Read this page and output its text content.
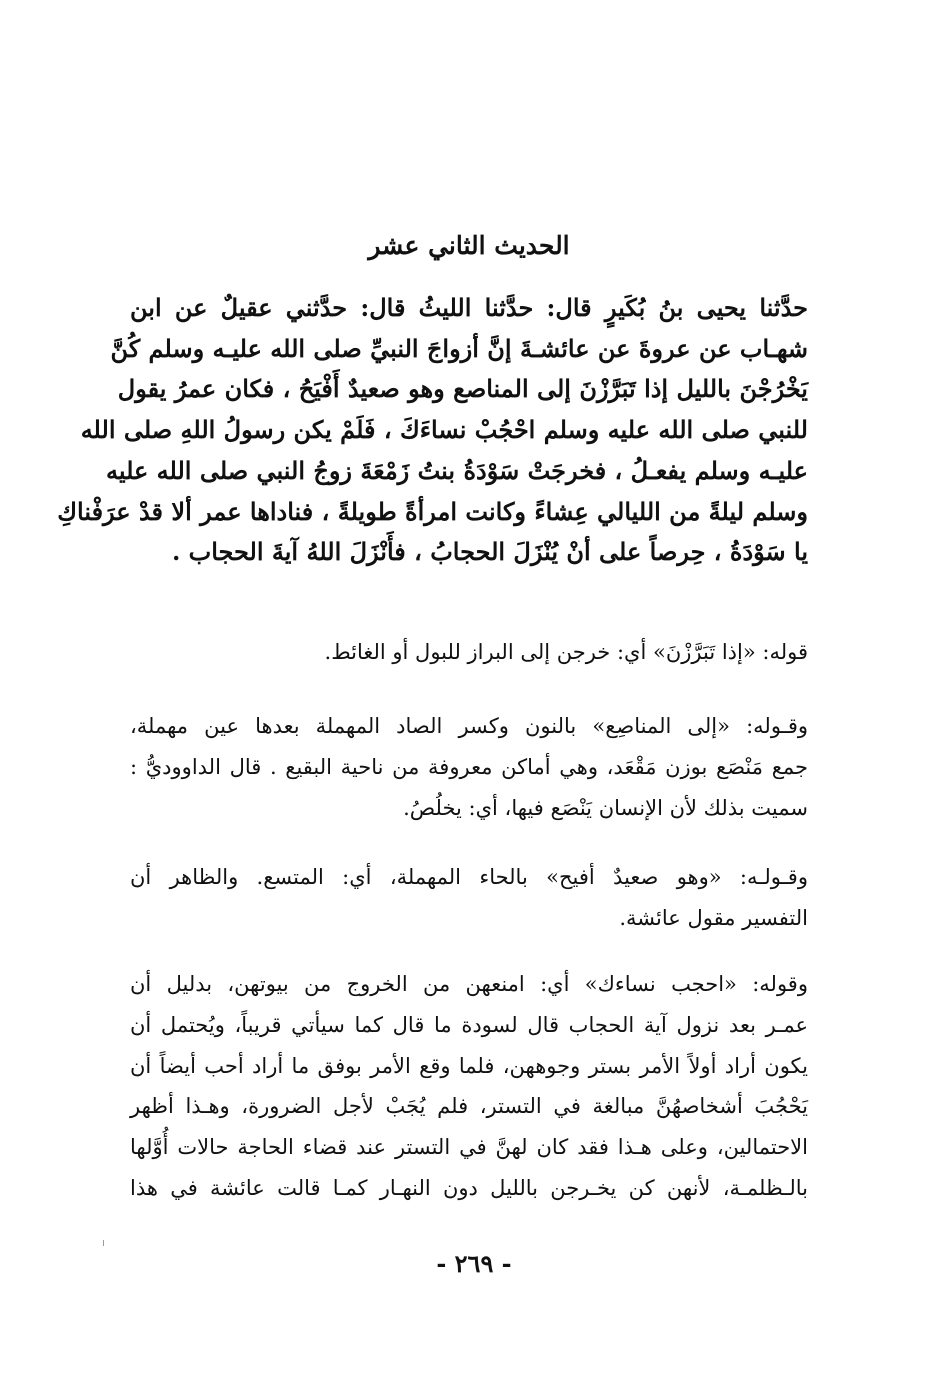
الحديث الثاني عشر
حدَّثنا يحيى بنُ بُكَيرٍ قال: حدَّثنا الليثُ قال: حدَّثني عقيلٌ عن ابن
شهـاب عن عروةَ عن عائشـةَ إنَّ أزواجَ النبيِّ صلى الله عليـه وسلم كُنَّ
يَخْرُجْنَ بالليل إذا تَبَرَّزْنَ إلى المناصع وهو صعيدٌ أَفْيَحُ ، فكان عمرُ يقول
للنبي صلى الله عليه وسلم احْجُبْ نساءَكَ ، فَلَمْ يكن رسولُ اللهِ صلى الله
عليـه وسلم يفعـلُ ، فخرجَتْ سَوْدَةُ بنتُ زَمْعَةَ زوجُ النبي صلى الله عليه
وسلم ليلةً من الليالي عِشاءً وكانت امرأةً طويلةً ، فناداها عمر ألا قدْ عرَفْناكِ
يا سَوْدَةُ ، حِرصاً على أنْ يُنْزَلَ الحجابُ ، فأَنْزَلَ اللهُ آيةَ الحجاب .
قوله: «إذا تَبَرَّزْنَ» أي: خرجن إلى البراز للبول أو الغائط.
وقـوله: «إلى المناصِع» بالنون وكسر الصاد المهملة بعدها عين مهملة،
جمع مَنْصَع بوزن مَقْعَد، وهي أماكن معروفة من ناحية البقيع . قال الداووديُّ :
سميت بذلك لأن الإنسان يَنْصَع فيها، أي: يخلُصُ.
وقـولـه: «وهو صعيدٌ أفيح» بالحاء المهملة، أي: المتسع. والظاهر أن
التفسير مقول عائشة.
وقوله: «احجب نساءك» أي: امنعهن من الخروج من بيوتهن، بدليل أن
عمـر بعد نزول آية الحجاب قال لسودة ما قال كما سيأتي قريباً، ويُحتمل أن
يكون أراد أولاً الأمر بستر وجوههن، فلما وقع الأمر بوفق ما أراد أحب أيضاً أن
يَحْجُبَ أشخاصهُنَّ مبالغة في التستر، فلم يُجَبْ لأجل الضرورة، وهـذا أظهر
الاحتمالين، وعلى هـذا فقد كان لهنَّ في التستر عند قضاء الحاجة حالات أُوَّلها
بالـظلمـة، لأنهن كن يخـرجن بالليل دون النهـار كمـا قالت عائشة في هذا
- ٢٦٩ -
